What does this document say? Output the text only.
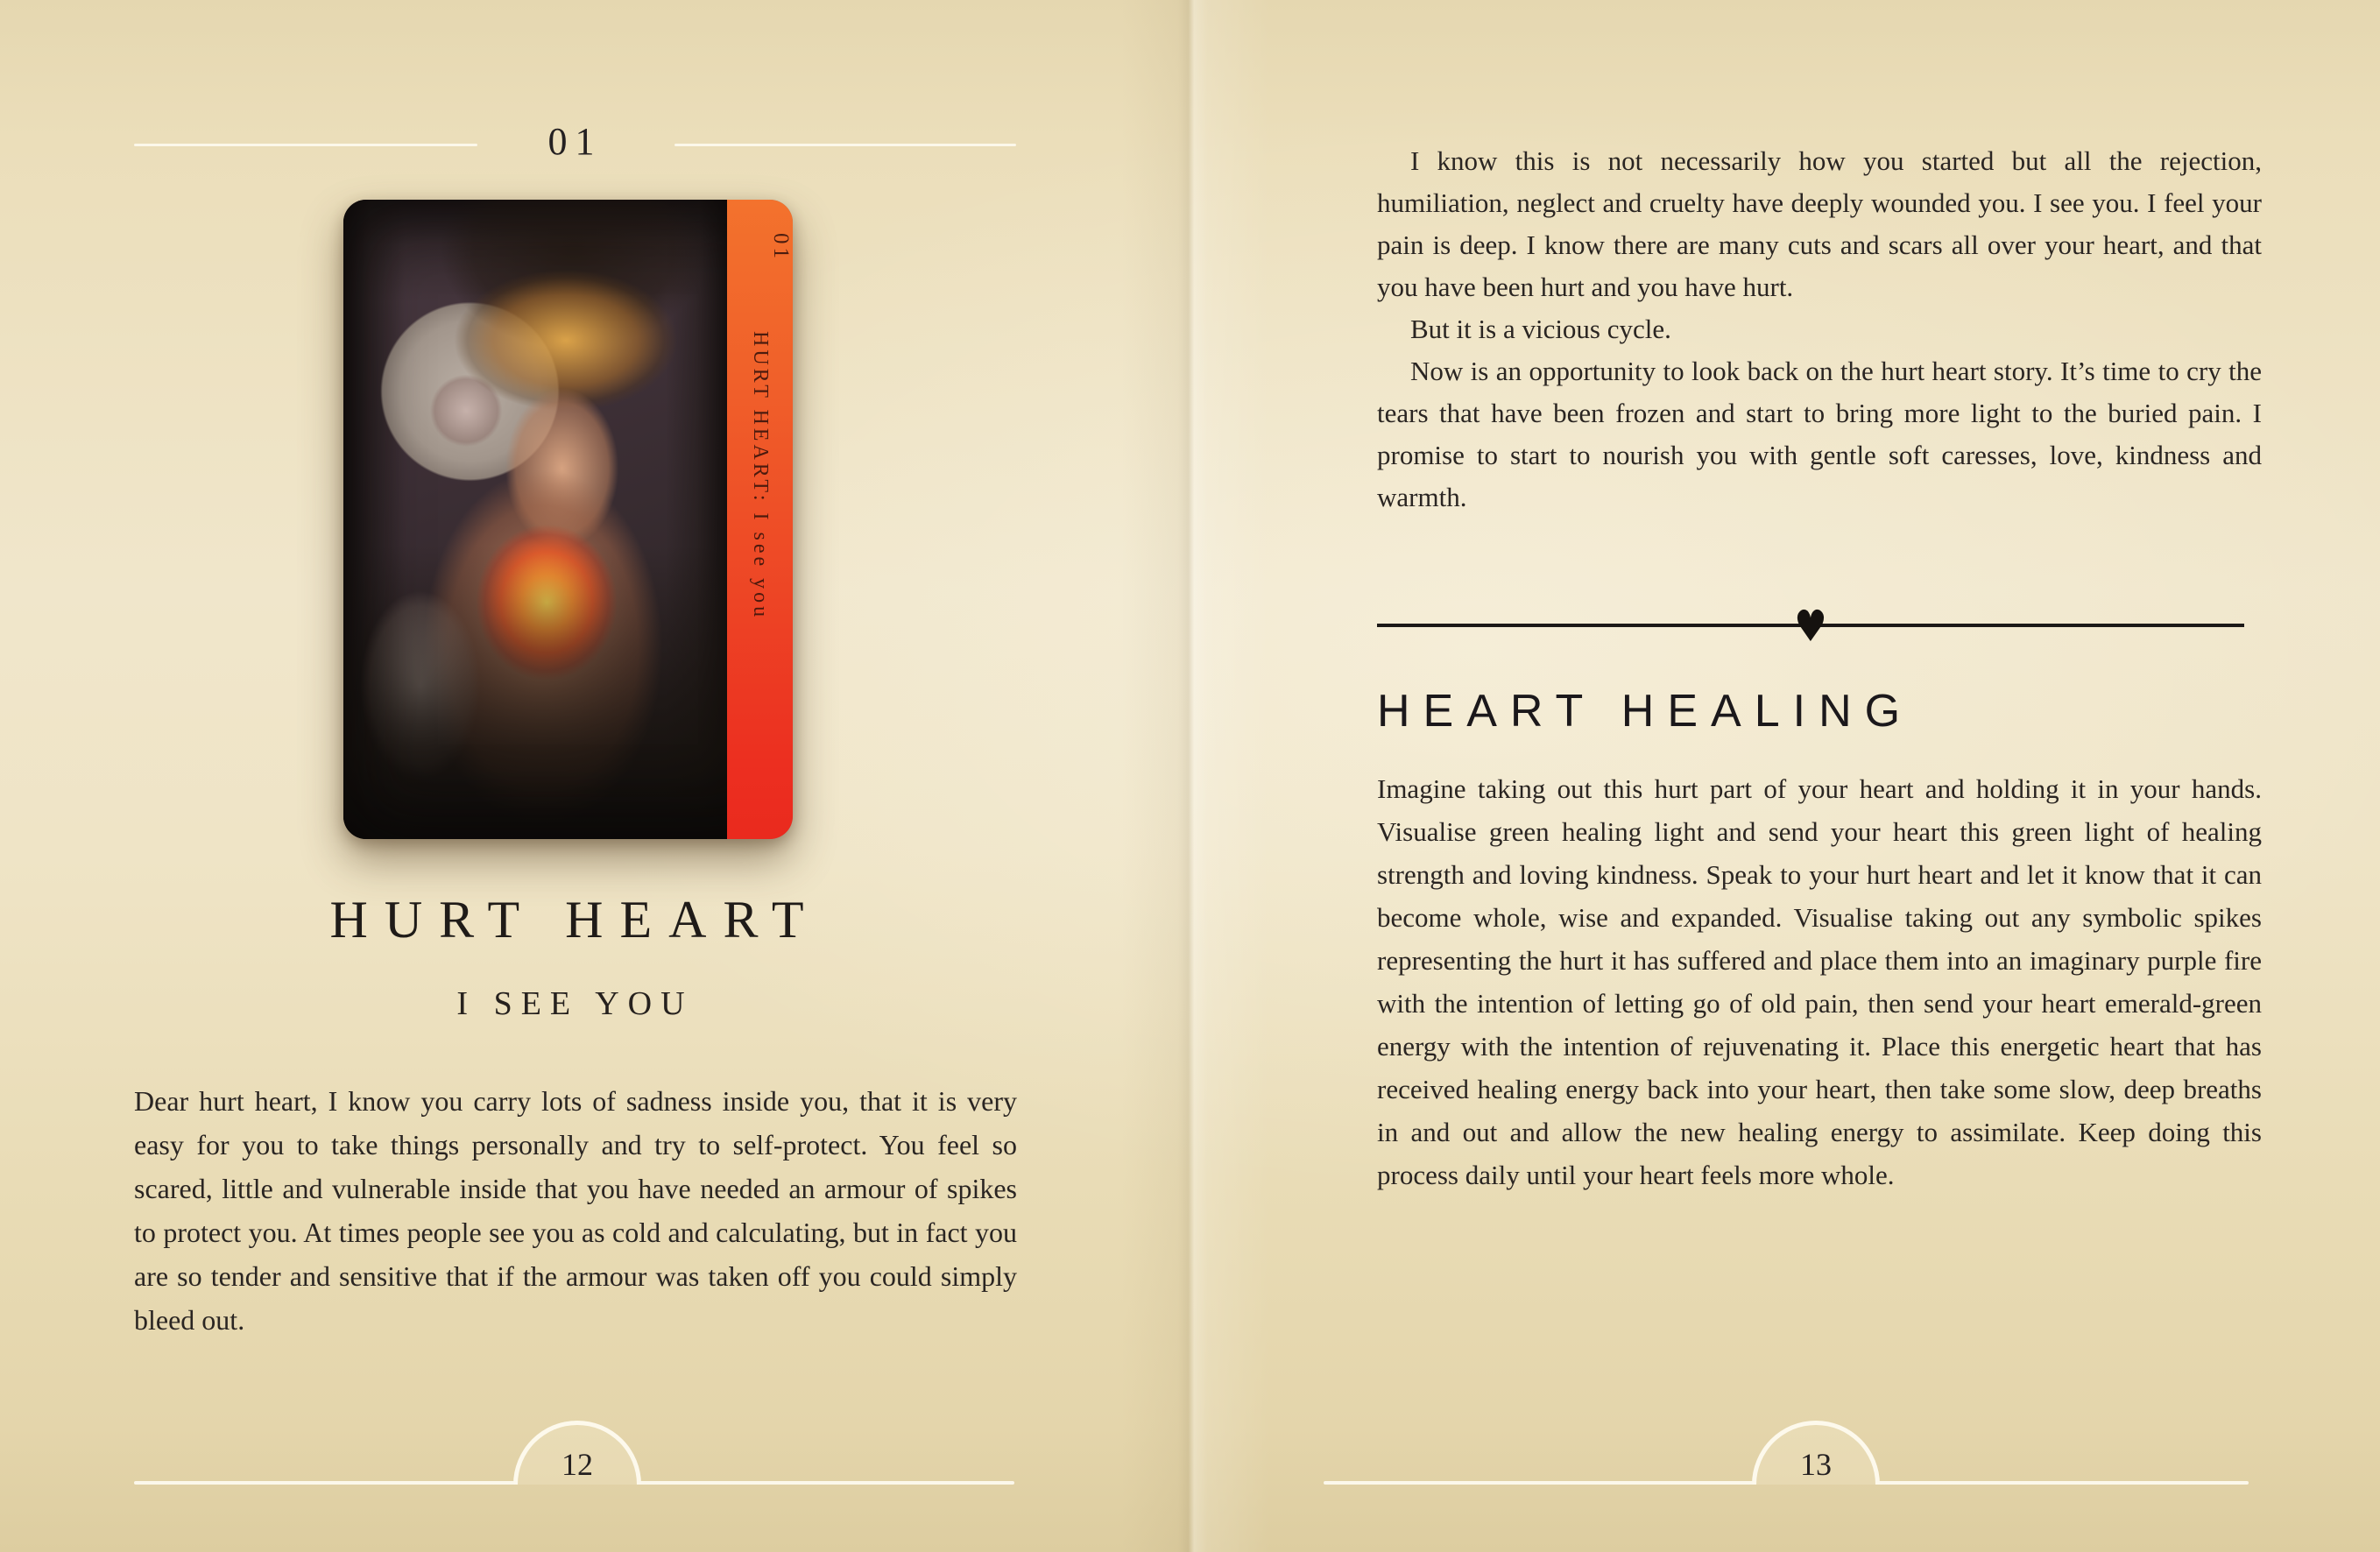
01
01
HURT HEART: I see you
HURT HEART
I SEE YOU
Dear hurt heart, I know you carry lots of sadness inside you, that it is very easy for you to take things personally and try to self-protect. You feel so scared, little and vulnerable inside that you have needed an armour of spikes to protect you. At times people see you as cold and calculating, but in fact you are so tender and sensitive that if the armour was taken off you could simply bleed out.

I know this is not necessarily how you started but all the rejection, humiliation, neglect and cruelty have deeply wounded you. I see you. I feel your pain is deep. I know there are many cuts and scars all over your heart, and that you have been hurt and you have hurt.

But it is a vicious cycle.

Now is an opportunity to look back on the hurt heart story. It’s time to cry the tears that have been frozen and start to bring more light to the buried pain. I promise to start to nourish you with gentle soft caresses, love, kindness and warmth.

♥
HEART HEALING
Imagine taking out this hurt part of your heart and holding it in your hands. Visualise green healing light and send your heart this green light of healing strength and loving kindness. Speak to your hurt heart and let it know that it can become whole, wise and expanded. Visualise taking out any symbolic spikes representing the hurt it has suffered and place them into an imaginary purple fire with the intention of letting go of old pain, then send your heart emerald-green energy with the intention of rejuvenating it. Place this energetic heart that has received healing energy back into your heart, then take some slow, deep breaths in and out and allow the new healing energy to assimilate. Keep doing this process daily until your heart feels more whole.
12	13
